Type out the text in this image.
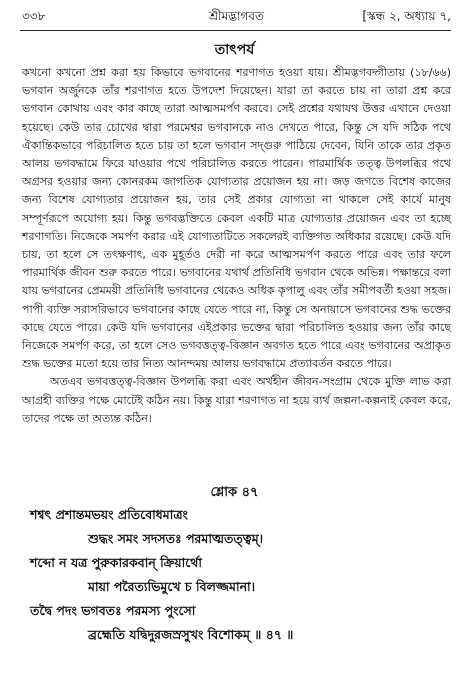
৩৩৮	শ্রীমদ্ভাগবত	[স্কন্ধ ২, অধ্যায় ৭,
তাৎপর্য

কখনো কখনো প্রশ্ন করা হয় কিভাবে ভগবানের শরণাগত হওয়া যায়। শ্রীমদ্ভগবদ্গীতায় (১৮/৬৬) ভগবান অর্জুনকে তাঁর শরণাগত হতে উপদেশ দিয়েছেন। যারা তা করতে চায় না তারা প্রশ্ন করে ভগবান কোথায় এবং কার কাছে তারা আত্মসমর্পণ করবে। সেই প্রশ্নের যথাযথ উত্তর এখানে দেওয়া হয়েছে। কেউ তার চোখের দ্বারা পরমেশ্বর ভগবানকে নাও দেখতে পারে, কিন্তু সে যদি সঠিক পথে ঐকান্তিকভাবে পরিচালিত হতে চায় তা হলে ভগবান সদ্গুরু পাঠিয়ে দেবেন, যিনি তাকে তার প্রকৃত আলয় ভগবদ্ধামে ফিরে যাওয়ার পথে পরিচালিত করতে পারেন। পারমার্থিক তত্ত্ব উপলব্ধির পথে অগ্রসর হওয়ার জন্য কোনরকম জাগতিক যোগ্যতার প্রয়োজন হয় না। জড় জগতে বিশেষ কাজের জন্য বিশেষ যোগ্যতার প্রয়োজন হয়, তার সেই প্রকার যোগ্যতা না থাকলে সেই কার্যে মানুষ সম্পূর্ণরূপে অযোগ্য হয়। কিন্তু ভগবদ্ভক্তিতে কেবল একটি মাত্র যোগ্যতার প্রয়োজন এবং তা হচ্ছে শরণাগতি। নিজেকে সমর্পণ করার এই যোগ্যতাটিতে সকলেরই ব্যক্তিগত অধিকার রয়েছে। কেউ যদি চায়, তা হলে সে তৎক্ষণাৎ, এক মুহূর্তও দেরী না করে আত্মসমর্পণ করতে পারে এবং তার ফলে পারমার্থিক জীবন শুরু করতে পারে। ভগবানের যথার্থ প্রতিনিধি ভগবান থেকে অভিন্ন। পক্ষান্তরে বলা যায় ভগবানের প্রেমময়ী প্রতিনিধি ভগবানের থেকেও অধিক কৃপালু এবং তাঁর সমীপবর্তী হওয়া সহজ। পাপী ব্যক্তি সরাসরিভাবে ভগবানের কাছে যেতে পারে না, কিন্তু সে অনায়াসে ভগবানের শুদ্ধ ভক্তের কাছে যেতে পারে। কেউ যদি ভগবানের এইপ্রকার ভক্তের দ্বারা পরিচালিত হওয়ার জন্য তাঁর কাছে নিজেকে সমর্পণ করে, তা হলে সেও ভগবত্তত্ত্ব-বিজ্ঞান অবগত হতে পারে এবং ভগবানের অপ্রাকৃত শুদ্ধ ভক্তের মতো হয়ে তার নিত্য আনন্দময় আলয় ভগবদ্ধামে প্রত্যাবর্তন করতে পারে।

অতএব ভগবত্তত্ত্ব-বিজ্ঞান উপলব্ধি করা এবং অর্থহীন জীবন-সংগ্রাম থেকে মুক্তি লাভ করা আগ্রহী ব্যক্তির পক্ষে মোটেই কঠিন নয়। কিন্তু যারা শরণাগত না হয়ে ব্যর্থ জল্পনা-কল্পনাই কেবল করে, তাদের পক্ষে তা অত্যন্ত কঠিন।

শ্লোক ৪৭
শশ্বৎ প্রশান্তমভয়ং প্রতিবোধমাত্রং
শুদ্ধং সমং সদসতঃ পরমাত্মতত্ত্বম্‌।
শব্দো ন যত্র পুরুকারকবান্‌ ক্রিয়ার্থো
মায়া পরৈত্যভিমুখে চ বিলজ্জমানা।
তদ্বৈ পদং ভগবতঃ পরমস্য পুংসো
ব্রহ্মেতি যদ্বিদুরজস্রসুখং বিশোকম্‌ ॥ ৪৭ ॥
